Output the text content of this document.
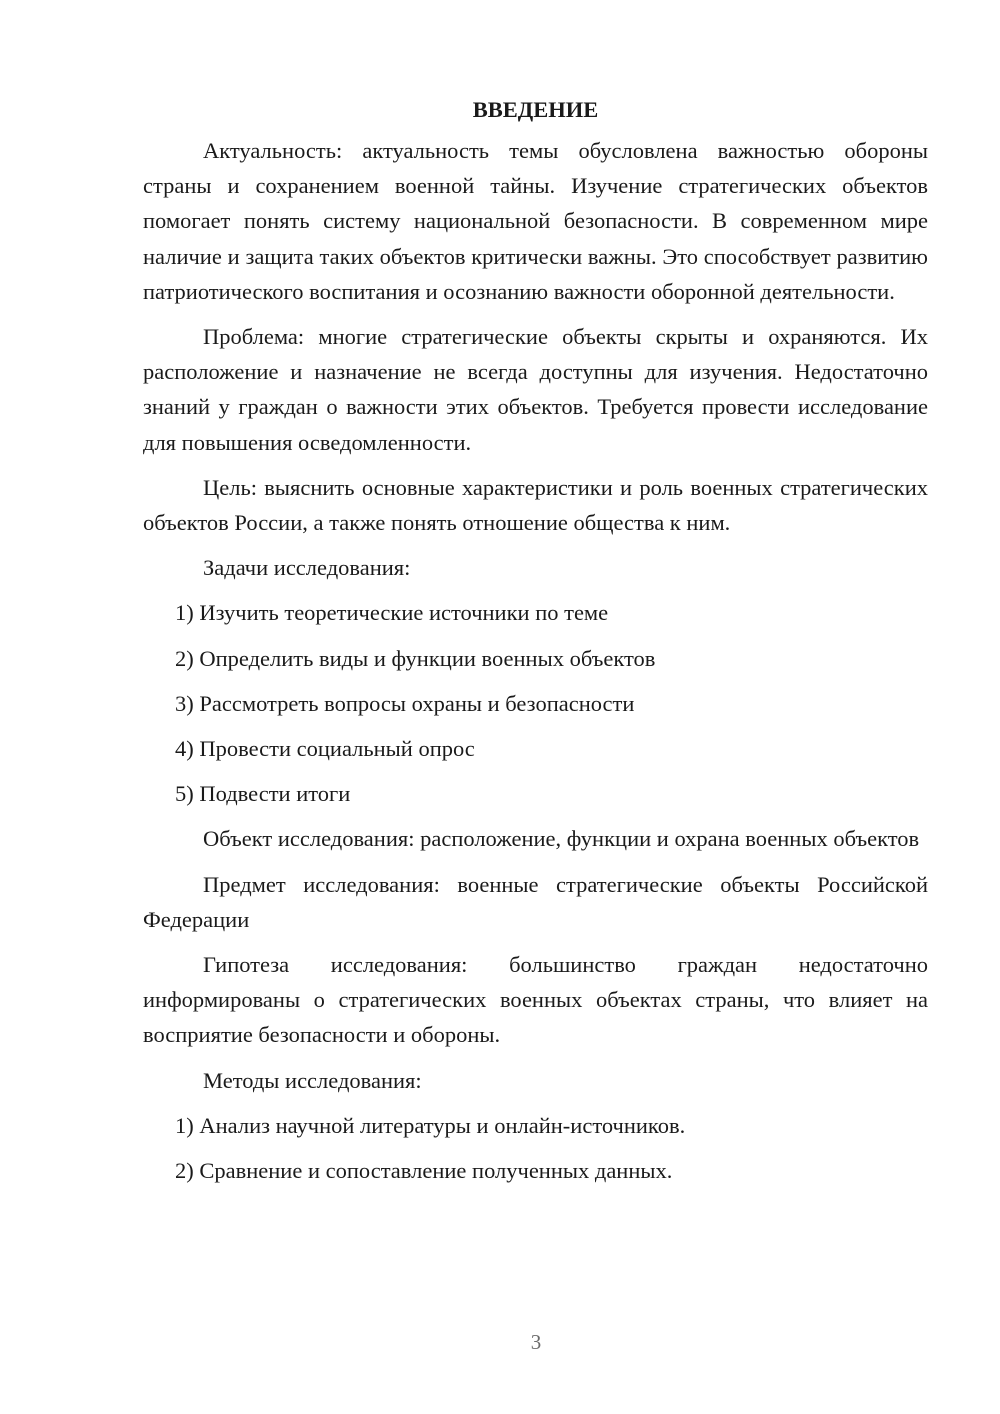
ВВЕДЕНИЕ

Актуальность: актуальность темы обусловлена важностью обороны страны и сохранением военной тайны. Изучение стратегических объектов помогает понять систему национальной безопасности. В современном мире наличие и защита таких объектов критически важны. Это способствует развитию патриотического воспитания и осознанию важности оборонной деятельности.

Проблема: многие стратегические объекты скрыты и охраняются. Их расположение и назначение не всегда доступны для изучения. Недостаточно знаний у граждан о важности этих объектов. Требуется провести исследование для повышения осведомленности.

Цель: выяснить основные характеристики и роль военных стратегических объектов России, а также понять отношение общества к ним.

Задачи исследования:

1) Изучить теоретические источники по теме
2) Определить виды и функции военных объектов
3) Рассмотреть вопросы охраны и безопасности
4) Провести социальный опрос
5) Подвести итоги

Объект исследования: расположение, функции и охрана военных объектов

Предмет исследования: военные стратегические объекты Российской Федерации

Гипотеза исследования: большинство граждан недостаточно информированы о стратегических военных объектах страны, что влияет на восприятие безопасности и обороны.

Методы исследования:

1) Анализ научной литературы и онлайн-источников.
2) Сравнение и сопоставление полученных данных.
3
